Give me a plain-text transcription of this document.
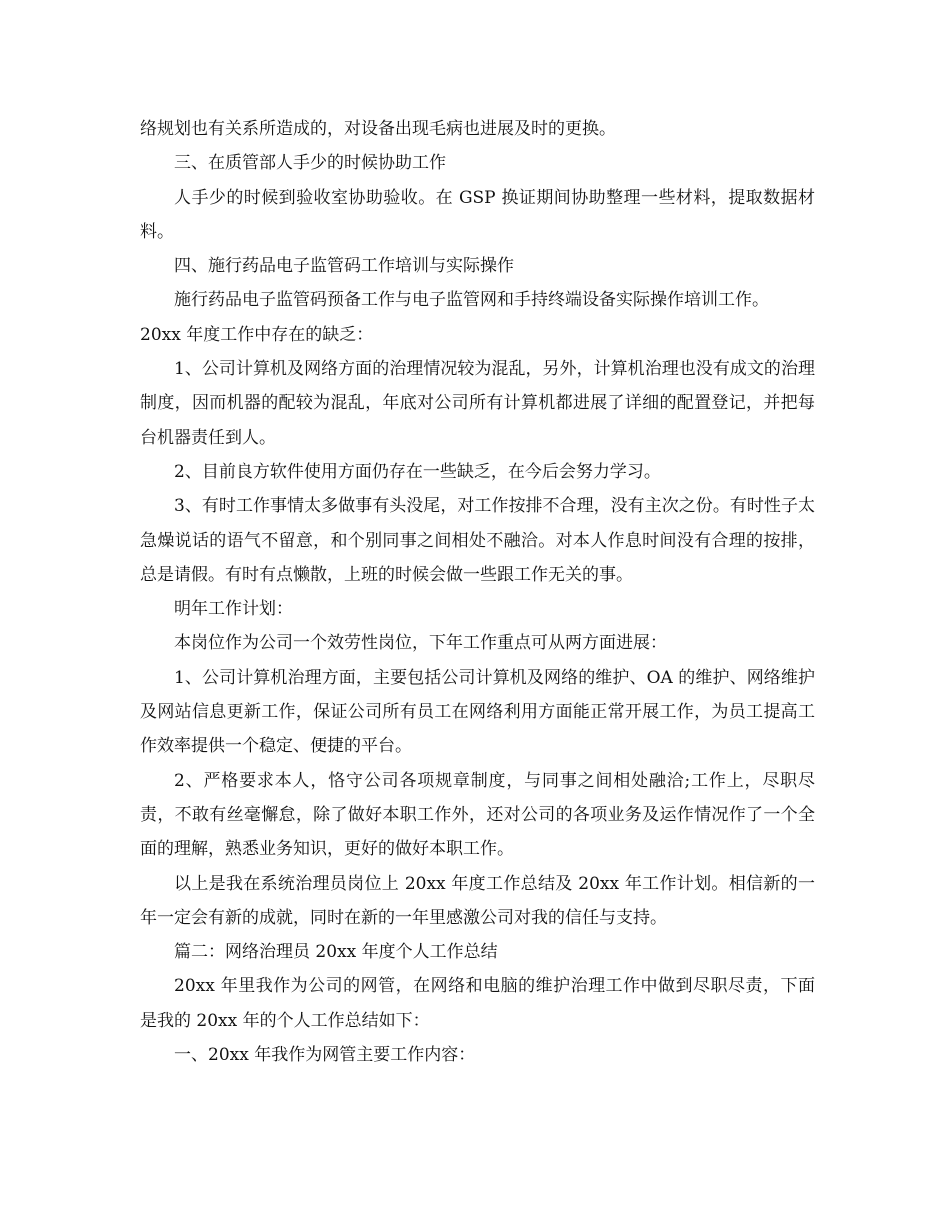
络规划也有关系所造成的，对设备出现毛病也进展及时的更换。

三、在质管部人手少的时候协助工作

人手少的时候到验收室协助验收。在 GSP 换证期间协助整理一些材料，提取数据材料。

四、施行药品电子监管码工作培训与实际操作

施行药品电子监管码预备工作与电子监管网和手持终端设备实际操作培训工作。

20xx 年度工作中存在的缺乏：

1、公司计算机及网络方面的治理情况较为混乱，另外，计算机治理也没有成文的治理制度，因而机器的配较为混乱，年底对公司所有计算机都进展了详细的配置登记，并把每台机器责任到人。

2、目前良方软件使用方面仍存在一些缺乏，在今后会努力学习。

3、有时工作事情太多做事有头没尾，对工作按排不合理，没有主次之份。有时性子太急燥说话的语气不留意，和个别同事之间相处不融洽。对本人作息时间没有合理的按排，总是请假。有时有点懒散，上班的时候会做一些跟工作无关的事。

明年工作计划：

本岗位作为公司一个效劳性岗位，下年工作重点可从两方面进展：

1、公司计算机治理方面，主要包括公司计算机及网络的维护、OA 的维护、网络维护及网站信息更新工作，保证公司所有员工在网络利用方面能正常开展工作，为员工提高工作效率提供一个稳定、便捷的平台。

2、严格要求本人，恪守公司各项规章制度，与同事之间相处融洽;工作上，尽职尽责，不敢有丝毫懈怠，除了做好本职工作外，还对公司的各项业务及运作情况作了一个全面的理解，熟悉业务知识，更好的做好本职工作。

以上是我在系统治理员岗位上 20xx 年度工作总结及 20xx 年工作计划。相信新的一年一定会有新的成就，同时在新的一年里感激公司对我的信任与支持。

篇二：网络治理员 20xx 年度个人工作总结

20xx 年里我作为公司的网管，在网络和电脑的维护治理工作中做到尽职尽责，下面是我的 20xx 年的个人工作总结如下：

一、20xx 年我作为网管主要工作内容：
